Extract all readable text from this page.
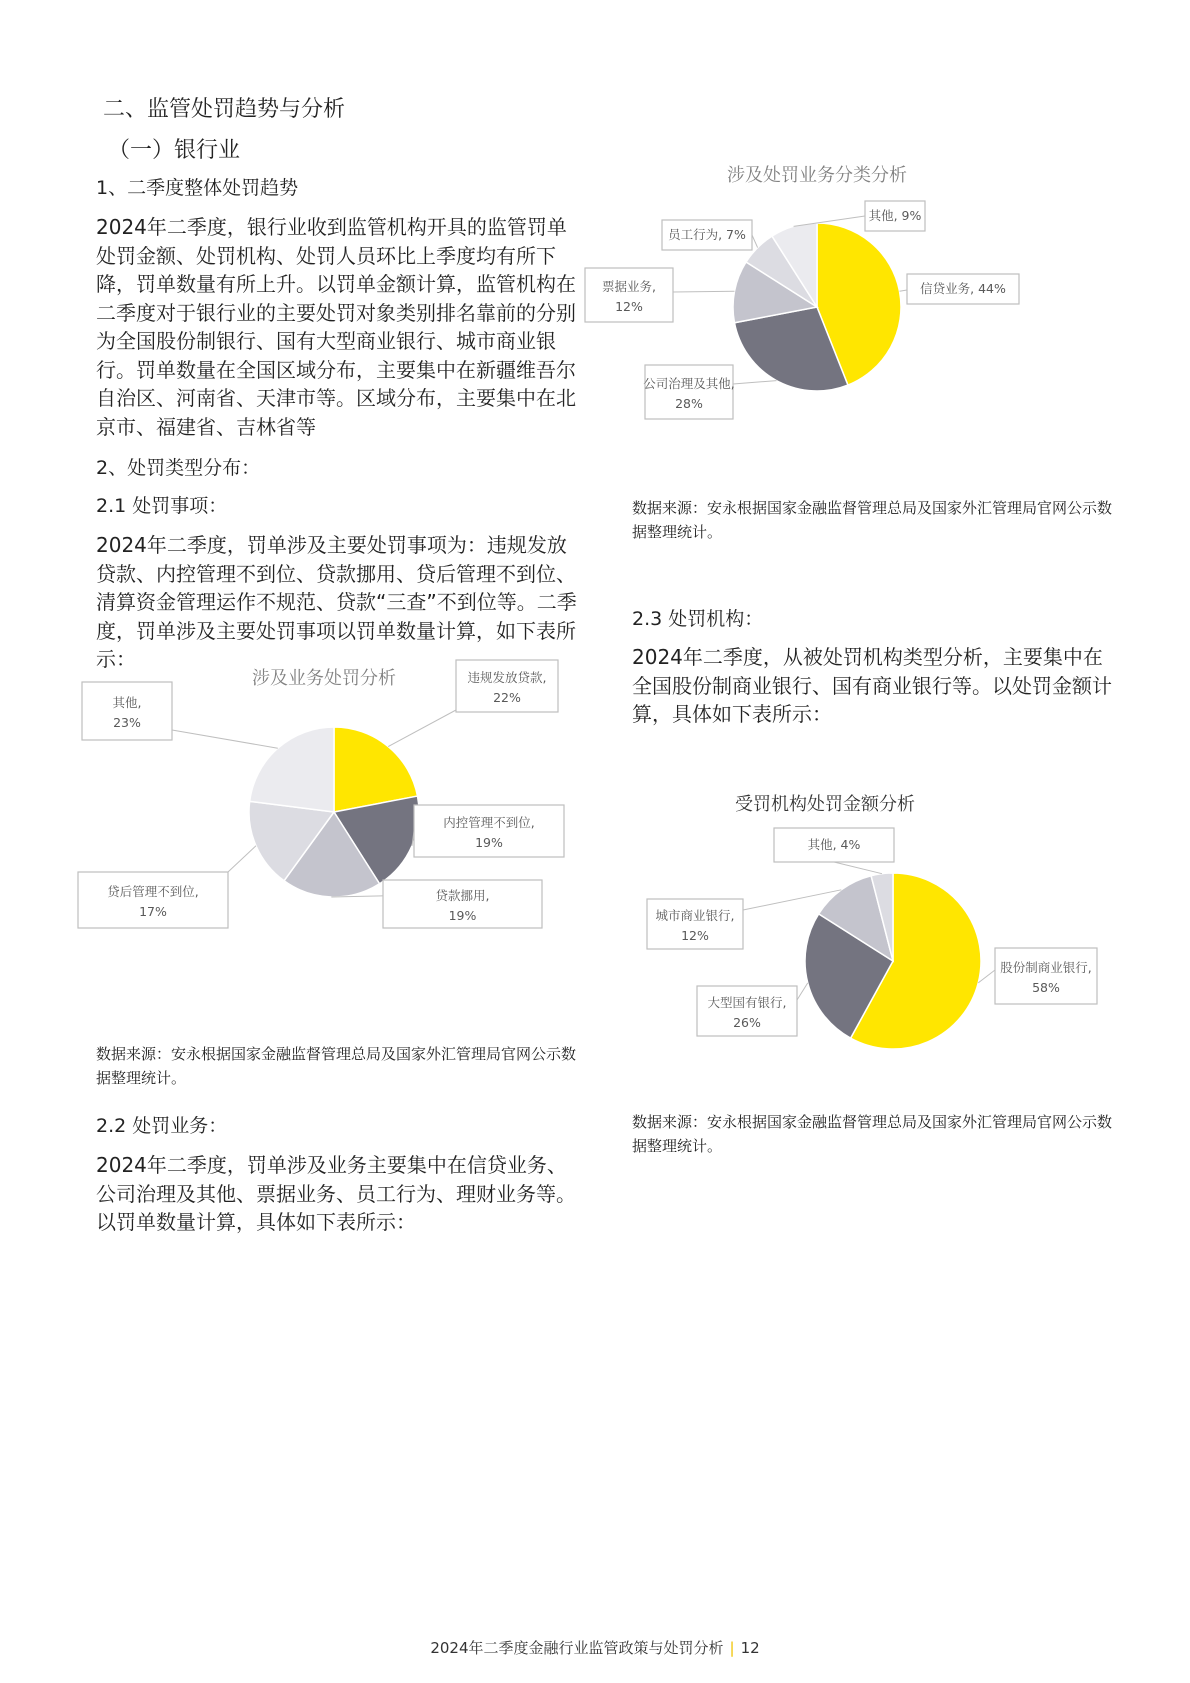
二、监管处罚趋势与分析
（一）银行业
1、二季度整体处罚趋势

2024年二季度，银行业收到监管机构开具的监管罚单处罚金额、处罚机构、处罚人员环比上季度均有所下降，罚单数量有所上升。以罚单金额计算，监管机构在二季度对于银行业的主要处罚对象类别排名靠前的分别为全国股份制银行、国有大型商业银行、城市商业银行。罚单数量在全国区域分布，主要集中在新疆维吾尔自治区、河南省、天津市等。区域分布，主要集中在北京市、福建省、吉林省等

2、处罚类型分布：
2.1 处罚事项：

2024年二季度，罚单涉及主要处罚事项为：违规发放贷款、内控管理不到位、贷款挪用、贷后管理不到位、清算资金管理运作不规范、贷款“三查”不到位等。二季度，罚单涉及主要处罚事项以罚单数量计算，如下表所示：

涉及业务处罚分析	违规发放贷款, 22%
内控管理不到位, 19%
贷款挪用, 19%
贷后管理不到位, 17%
其他, 23%
数据来源：安永根据国家金融监督管理总局及国家外汇管理局官网公示数据整理统计。
2.2 处罚业务：

2024年二季度，罚单涉及业务主要集中在信贷业务、公司治理及其他、票据业务、员工行为、理财业务等。以罚单数量计算，具体如下表所示：

涉及处罚业务分类分析
信贷业务, 44%
公司治理及其他, 28%
票据业务, 12%
员工行为, 7%
其他, 9%
数据来源：安永根据国家金融监督管理总局及国家外汇管理局官网公示数据整理统计。
2.3 处罚机构：

2024年二季度，从被处罚机构类型分析，主要集中在全国股份制商业银行、国有商业银行等。以处罚金额计算，具体如下表所示：

受罚机构处罚金额分析
股份制商业银行, 58%
大型国有银行, 26%
城市商业银行, 12%
其他, 4%
数据来源：安永根据国家金融监督管理总局及国家外汇管理局官网公示数据整理统计。
2024年二季度金融行业监管政策与处罚分析 | 12
